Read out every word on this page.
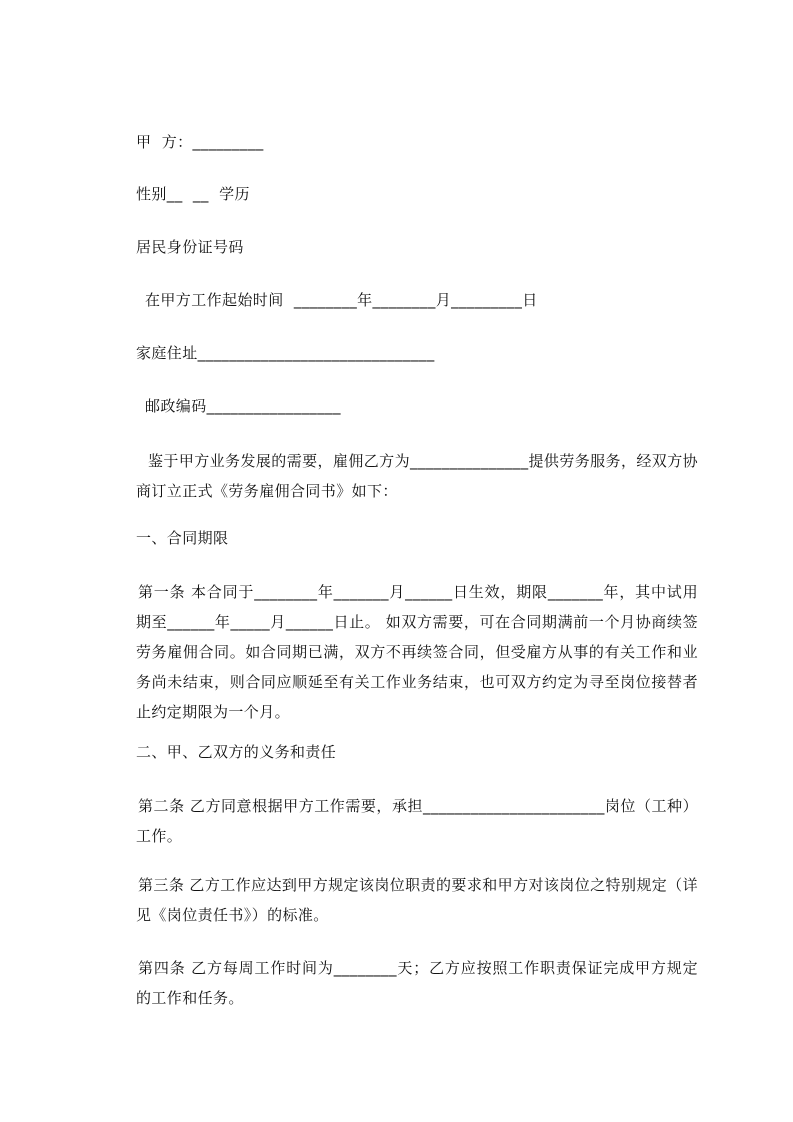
甲  方：_________
性别__  __  学历
居民身份证号码
在甲方工作起始时间  ________年________月_________日
家庭住址______________________________
邮政编码_________________
鉴于甲方业务发展的需要，雇佣乙方为_______________提供劳务服务，经双方协商订立正式《劳务雇佣合同书》如下：
一、合同期限
第一条 本合同于________年_______月______日生效，期限_______年，其中试用期至______年_____月______日止。 如双方需要，可在合同期满前一个月协商续签劳务雇佣合同。如合同期已满，双方不再续签合同，但受雇方从事的有关工作和业务尚未结束，则合同应顺延至有关工作业务结束，也可双方约定为寻至岗位接替者止约定期限为一个月。
二、甲、乙双方的义务和责任
第二条 乙方同意根据甲方工作需要，承担_______________________岗位（工种）工作。
第三条 乙方工作应达到甲方规定该岗位职责的要求和甲方对该岗位之特别规定（详见《岗位责任书》）的标准。
第四条 乙方每周工作时间为________天；乙方应按照工作职责保证完成甲方规定的工作和任务。
